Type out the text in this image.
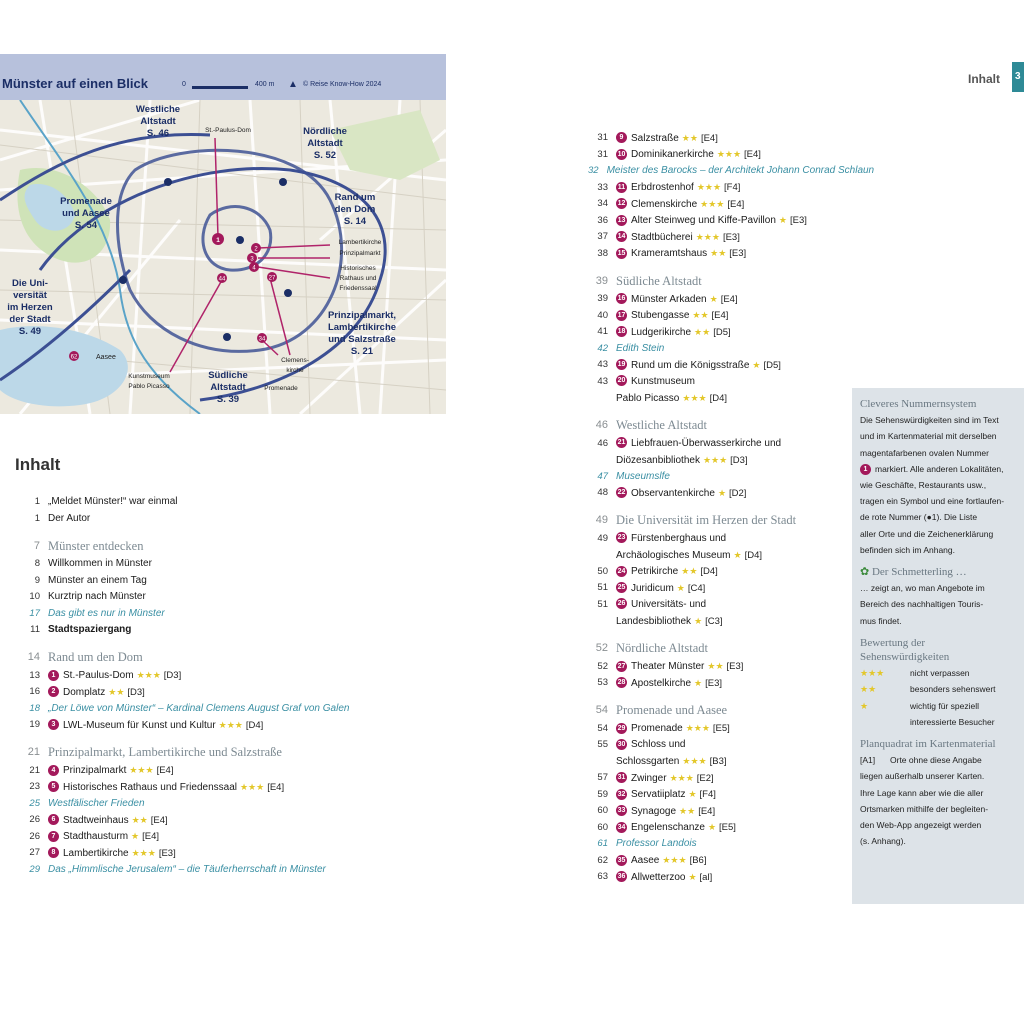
Münster auf einen Blick	0	400 m ▲ © Reise Know-How 2024
1
2
3
4
27
44
34
62
Westliche Altstadt S. 46	St.-Paulus-Dom	Nördliche Altstadt S. 52
Promenade und Aasee S. 54
Rand um den Dom S. 14
Lambertikirche Prinzipalmarkt
Historisches Rathaus und Friedenssaal
Die Uni-versität im Herzen der Stadt S. 49
Prinzipalmarkt, Lambertikirche und Salzstraße S. 21
Aasee
Kunstmuseum Pablo Picasso
Südliche Altstadt S. 39
Clemens-kirche
Promenade
Inhalt 3
Inhalt
1 „Meldet Münster!“ war einmal
1 Der Autor
7 Münster entdecken
8 Willkommen in Münster
9 Münster an einem Tag
10 Kurztrip nach Münster
17 Das gibt es nur in Münster
11 Stadtspaziergang
14 Rand um den Dom
13	1 St.-Paulus-Dom ★★★ [D3]
16	2 Domplatz ★★ [D3]
18 „Der Löwe von Münster“ – Kardinal Clemens August Graf von Galen
19	3 LWL-Museum für Kunst und Kultur ★★★ [D4]
21 Prinzipalmarkt, Lambertikirche und Salzstraße
21	4 Prinzipalmarkt ★★★ [E4]
23	5 Historisches Rathaus und Friedenssaal ★★★ [E4]
25 Westfälischer Frieden
26	6 Stadtweinhaus ★★ [E4]
26	7 Stadthausturm ★ [E4]
27	8 Lambertikirche ★★★ [E3]
29 Das „Himmlische Jerusalem“ – die Täuferherrschaft in Münster
31	9 Salzstraße ★★ [E4]
31	10 Dominikanerkirche ★★★ [E4]
32 Meister des Barocks – der Architekt Johann Conrad Schlaun
33	11 Erbdrostenhof ★★★ [F4]
34	12 Clemenskirche ★★★ [E4]
36	13 Alter Steinweg und Kiffe-Pavillon ★ [E3]
37	14 Stadtbücherei ★★★ [E3]
38	15 Krameramtshaus ★★ [E3]
39 Südliche Altstadt
39	16 Münster Arkaden ★ [E4]
40	17 Stubengasse ★★ [E4]
41	18 Ludgerikirche ★★ [D5]
42 Edith Stein
43	19 Rund um die Königsstraße ★ [D5]
43	20 Kunstmuseum
Pablo Picasso ★★★ [D4]
46 Westliche Altstadt
46	21 Liebfrauen-Überwasserkirche und
Diözesanbibliothek ★★★ [D3]
47 Museumslfe
48	22 Observantenkirche ★ [D2]
49 Die Universität im Herzen der Stadt
49	23 Fürstenberghaus und
Archäologisches Museum ★ [D4]
50	24 Petrikirche ★★ [D4]
51	25 Juridicum ★ [C4]
51	26 Universitäts- und
Landesbibliothek ★ [C3]
52 Nördliche Altstadt
52	27 Theater Münster ★★ [E3]
53	28 Apostelkirche ★ [E3]
54 Promenade und Aasee
54	29 Promenade ★★★ [E5]
55	30 Schloss und
Schlossgarten ★★★ [B3]
57	31 Zwinger ★★★ [E2]
59	32 Servatiiplatz ★ [F4]
60	33 Synagoge ★★ [E4]
60	34 Engelenschanze ★ [E5]
61 Professor Landois
62	35 Aasee ★★★ [B6]
63	36 Allwetterzoo ★ [al]
Cleveres Nummernsystem
Die Sehenswürdigkeiten sind im Text
und im Kartenmaterial mit derselben
magentafarbenen ovalen Nummer
1 markiert. Alle anderen Lokalitäten,
wie Geschäfte, Restaurants usw.,
tragen ein Symbol und eine fortlaufen-
de rote Nummer (●1). Die Liste
aller Orte und die Zeichenerklärung
befinden sich im Anhang.
✿ Der Schmetterling …
… zeigt an, wo man Angebote im
Bereich des nachhaltigen Touris-
mus findet.
Bewertung der
Sehenswürdigkeiten
★★★	nicht verpassen
★★	besonders sehenswert
★	wichtig für speziell
interessierte Besucher
Planquadrat im Kartenmaterial
[A1] Orte ohne diese Angabe
liegen außerhalb unserer Karten.
Ihre Lage kann aber wie die aller
Ortsmarken mithilfe der begleiten-
den Web-App angezeigt werden
(s. Anhang).
